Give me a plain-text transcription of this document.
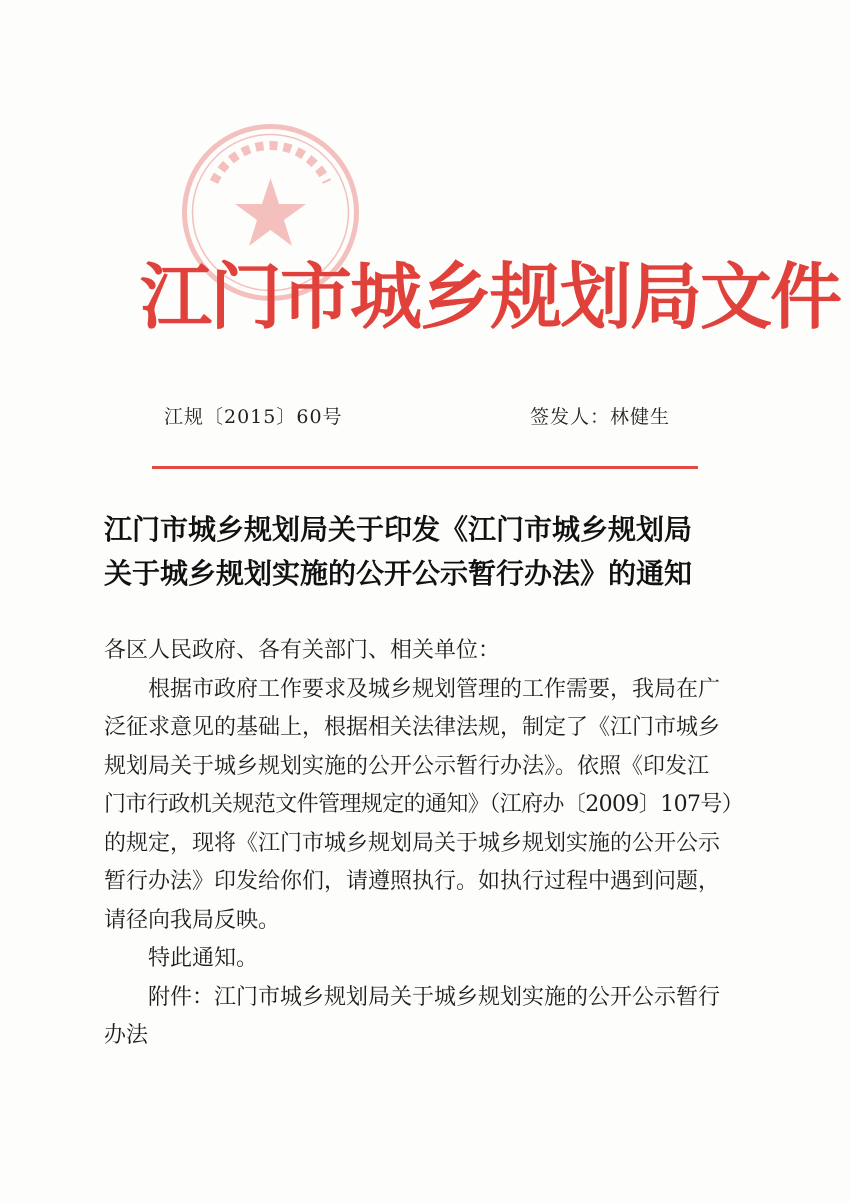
江门市城乡规划局文件
江规〔2015〕60号	签发人：林健生
江门市城乡规划局关于印发《江门市城乡规划局
关于城乡规划实施的公开公示暂行办法》的通知

各区人民政府、各有关部门、相关单位：

根据市政府工作要求及城乡规划管理的工作需要，我局在广
泛征求意见的基础上，根据相关法律法规，制定了《江门市城乡
规划局关于城乡规划实施的公开公示暂行办法》。依照《印发江
门市行政机关规范文件管理规定的通知》（江府办〔2009〕107号）
的规定，现将《江门市城乡规划局关于城乡规划实施的公开公示
暂行办法》印发给你们，请遵照执行。如执行过程中遇到问题，
请径向我局反映。

特此通知。

附件：江门市城乡规划局关于城乡规划实施的公开公示暂行
办法
